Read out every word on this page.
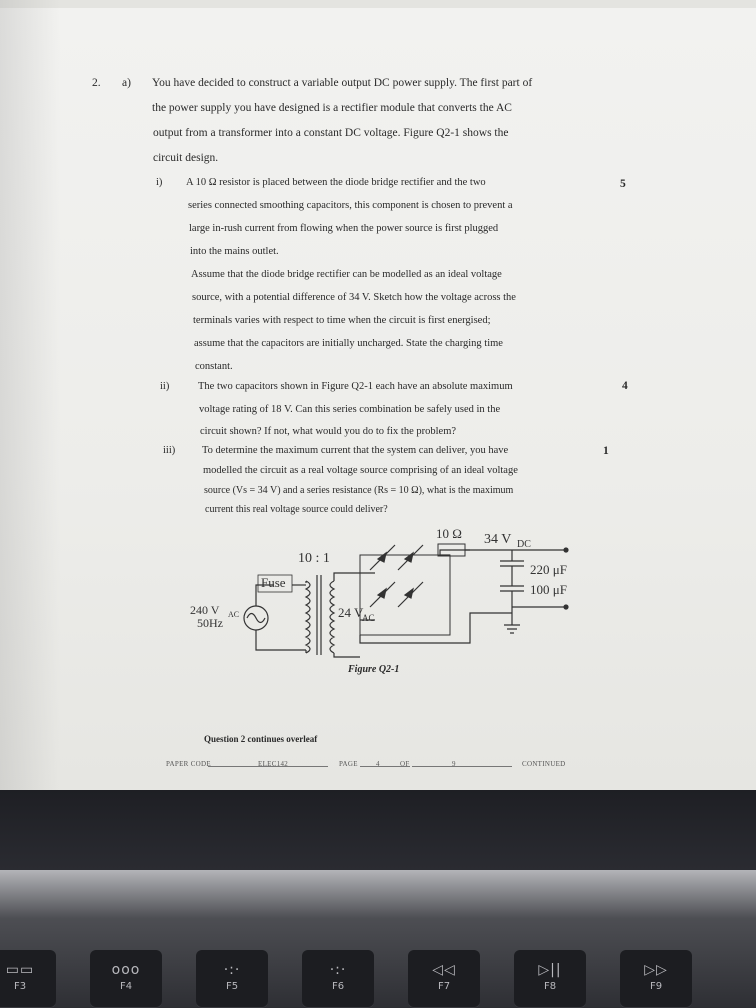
2. a) You have decided to construct a variable output DC power supply. The first part of
the power supply you have designed is a rectifier module that converts the AC
output from a transformer into a constant DC voltage. Figure Q2-1 shows the
circuit design.
i)	5
A 10 Ω resistor is placed between the diode bridge rectifier and the two
series connected smoothing capacitors, this component is chosen to prevent a
large in-rush current from flowing when the power source is first plugged
into the mains outlet.
Assume that the diode bridge rectifier can be modelled as an ideal voltage
source, with a potential difference of 34 V. Sketch how the voltage across the
terminals varies with respect to time when the circuit is first energised;
assume that the capacitors are initially uncharged. State the charging time
constant.
ii)	4
The two capacitors shown in Figure Q2-1 each have an absolute maximum
voltage rating of 18 V. Can this series combination be safely used in the
circuit shown? If not, what would you do to fix the problem?
iii)	1
To determine the maximum current that the system can deliver, you have
modelled the circuit as a real voltage source comprising of an ideal voltage
source (Vs = 34 V) and a series resistance (Rs = 10 Ω), what is the maximum
current this real voltage source could deliver?
10 Ω 34 V DC
10 : 1
Fuse
220 μF
100 μF
240 V AC
50Hz
24 V
AC
Figure Q2-1
Question 2 continues overleaf
PAPER CODE	ELEC142	PAGE	4	OF	9	CONTINUED
▭▭
F3
ooo
F4
·:·
F5
·:·
F6
◁◁
F7
▷||
F8
▷▷
F9
